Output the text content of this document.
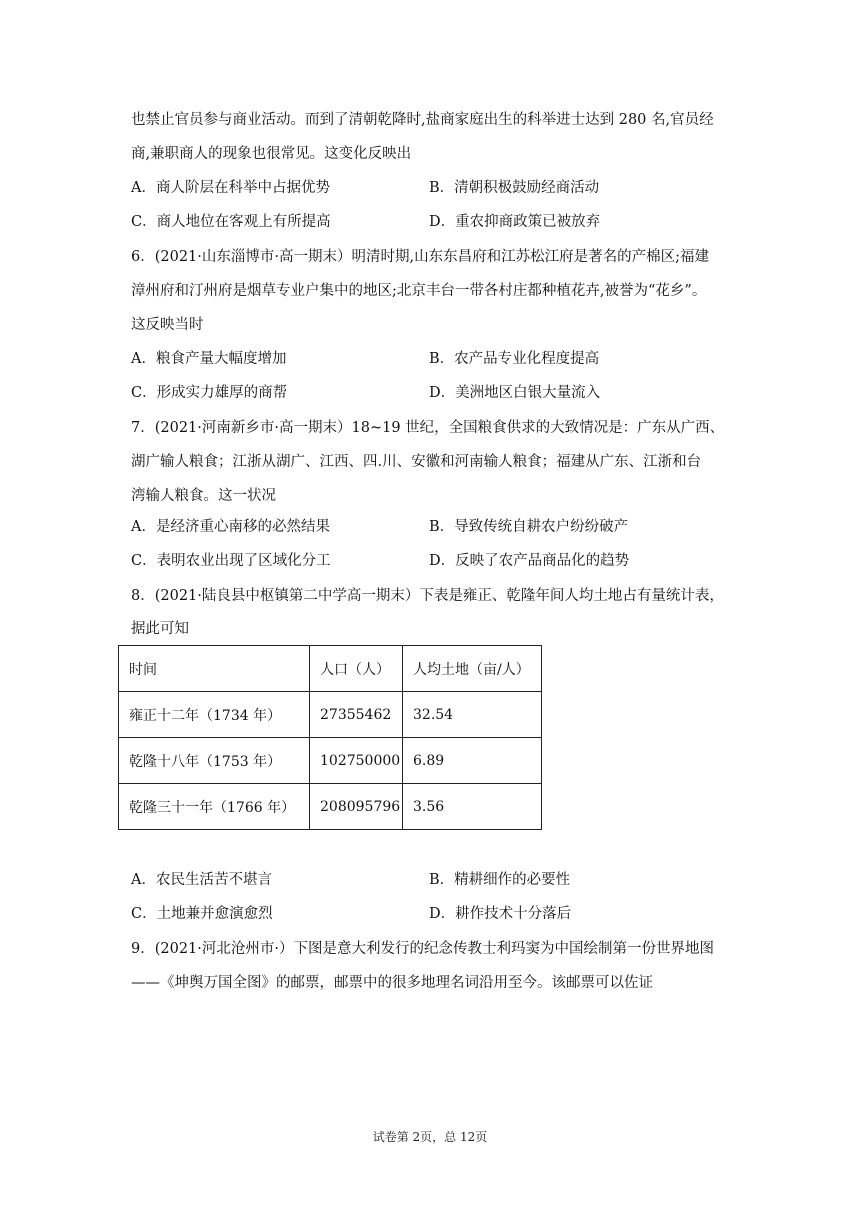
也禁止官员参与商业活动。而到了清朝乾降时,盐商家庭出生的科举进士达到 280 名,官员经
商,兼职商人的现象也很常见。这变化反映出
A．商人阶层在科举中占据优势	B．清朝积极鼓励经商活动
C．商人地位在客观上有所提高	D．重农抑商政策已被放弃
6．(2021·山东淄博市·高一期末）明清时期,山东东昌府和江苏松江府是著名的产棉区;福建
漳州府和汀州府是烟草专业户集中的地区;北京丰台一带各村庄都种植花卉,被誉为“花乡”。
这反映当时
A．粮食产量大幅度增加	B．农产品专业化程度提高
C．形成实力雄厚的商帮	D．美洲地区白银大量流入
7．(2021·河南新乡市·高一期末）18~19 世纪，全国粮食供求的大致情况是：广东从广西、
湖广输人粮食；江浙从湖广、江西、四.川、安徽和河南输人粮食；福建从广东、江浙和台
湾输人粮食。这一状况
A．是经济重心南移的必然结果	B．导致传统自耕农户纷纷破产
C．表明农业出现了区域化分工	D．反映了农产品商品化的趋势
8．(2021·陆良县中枢镇第二中学高一期末）下表是雍正、乾隆年间人均土地占有量统计表，
据此可知
时间	人口（人）	人均土地（亩/人）
雍正十二年（1734 年）	27355462	32.54
乾隆十八年（1753 年）	102750000	6.89
乾隆三十一年（1766 年）	208095796	3.56
A．农民生活苦不堪言	B．精耕细作的必要性
C．土地兼并愈演愈烈	D．耕作技术十分落后
9．(2021·河北沧州市·）下图是意大利发行的纪念传教士利玛窦为中国绘制第一份世界地图
——《坤舆万国全图》的邮票，邮票中的很多地理名词沿用至今。该邮票可以佐证
试卷第 2页，总 12页
